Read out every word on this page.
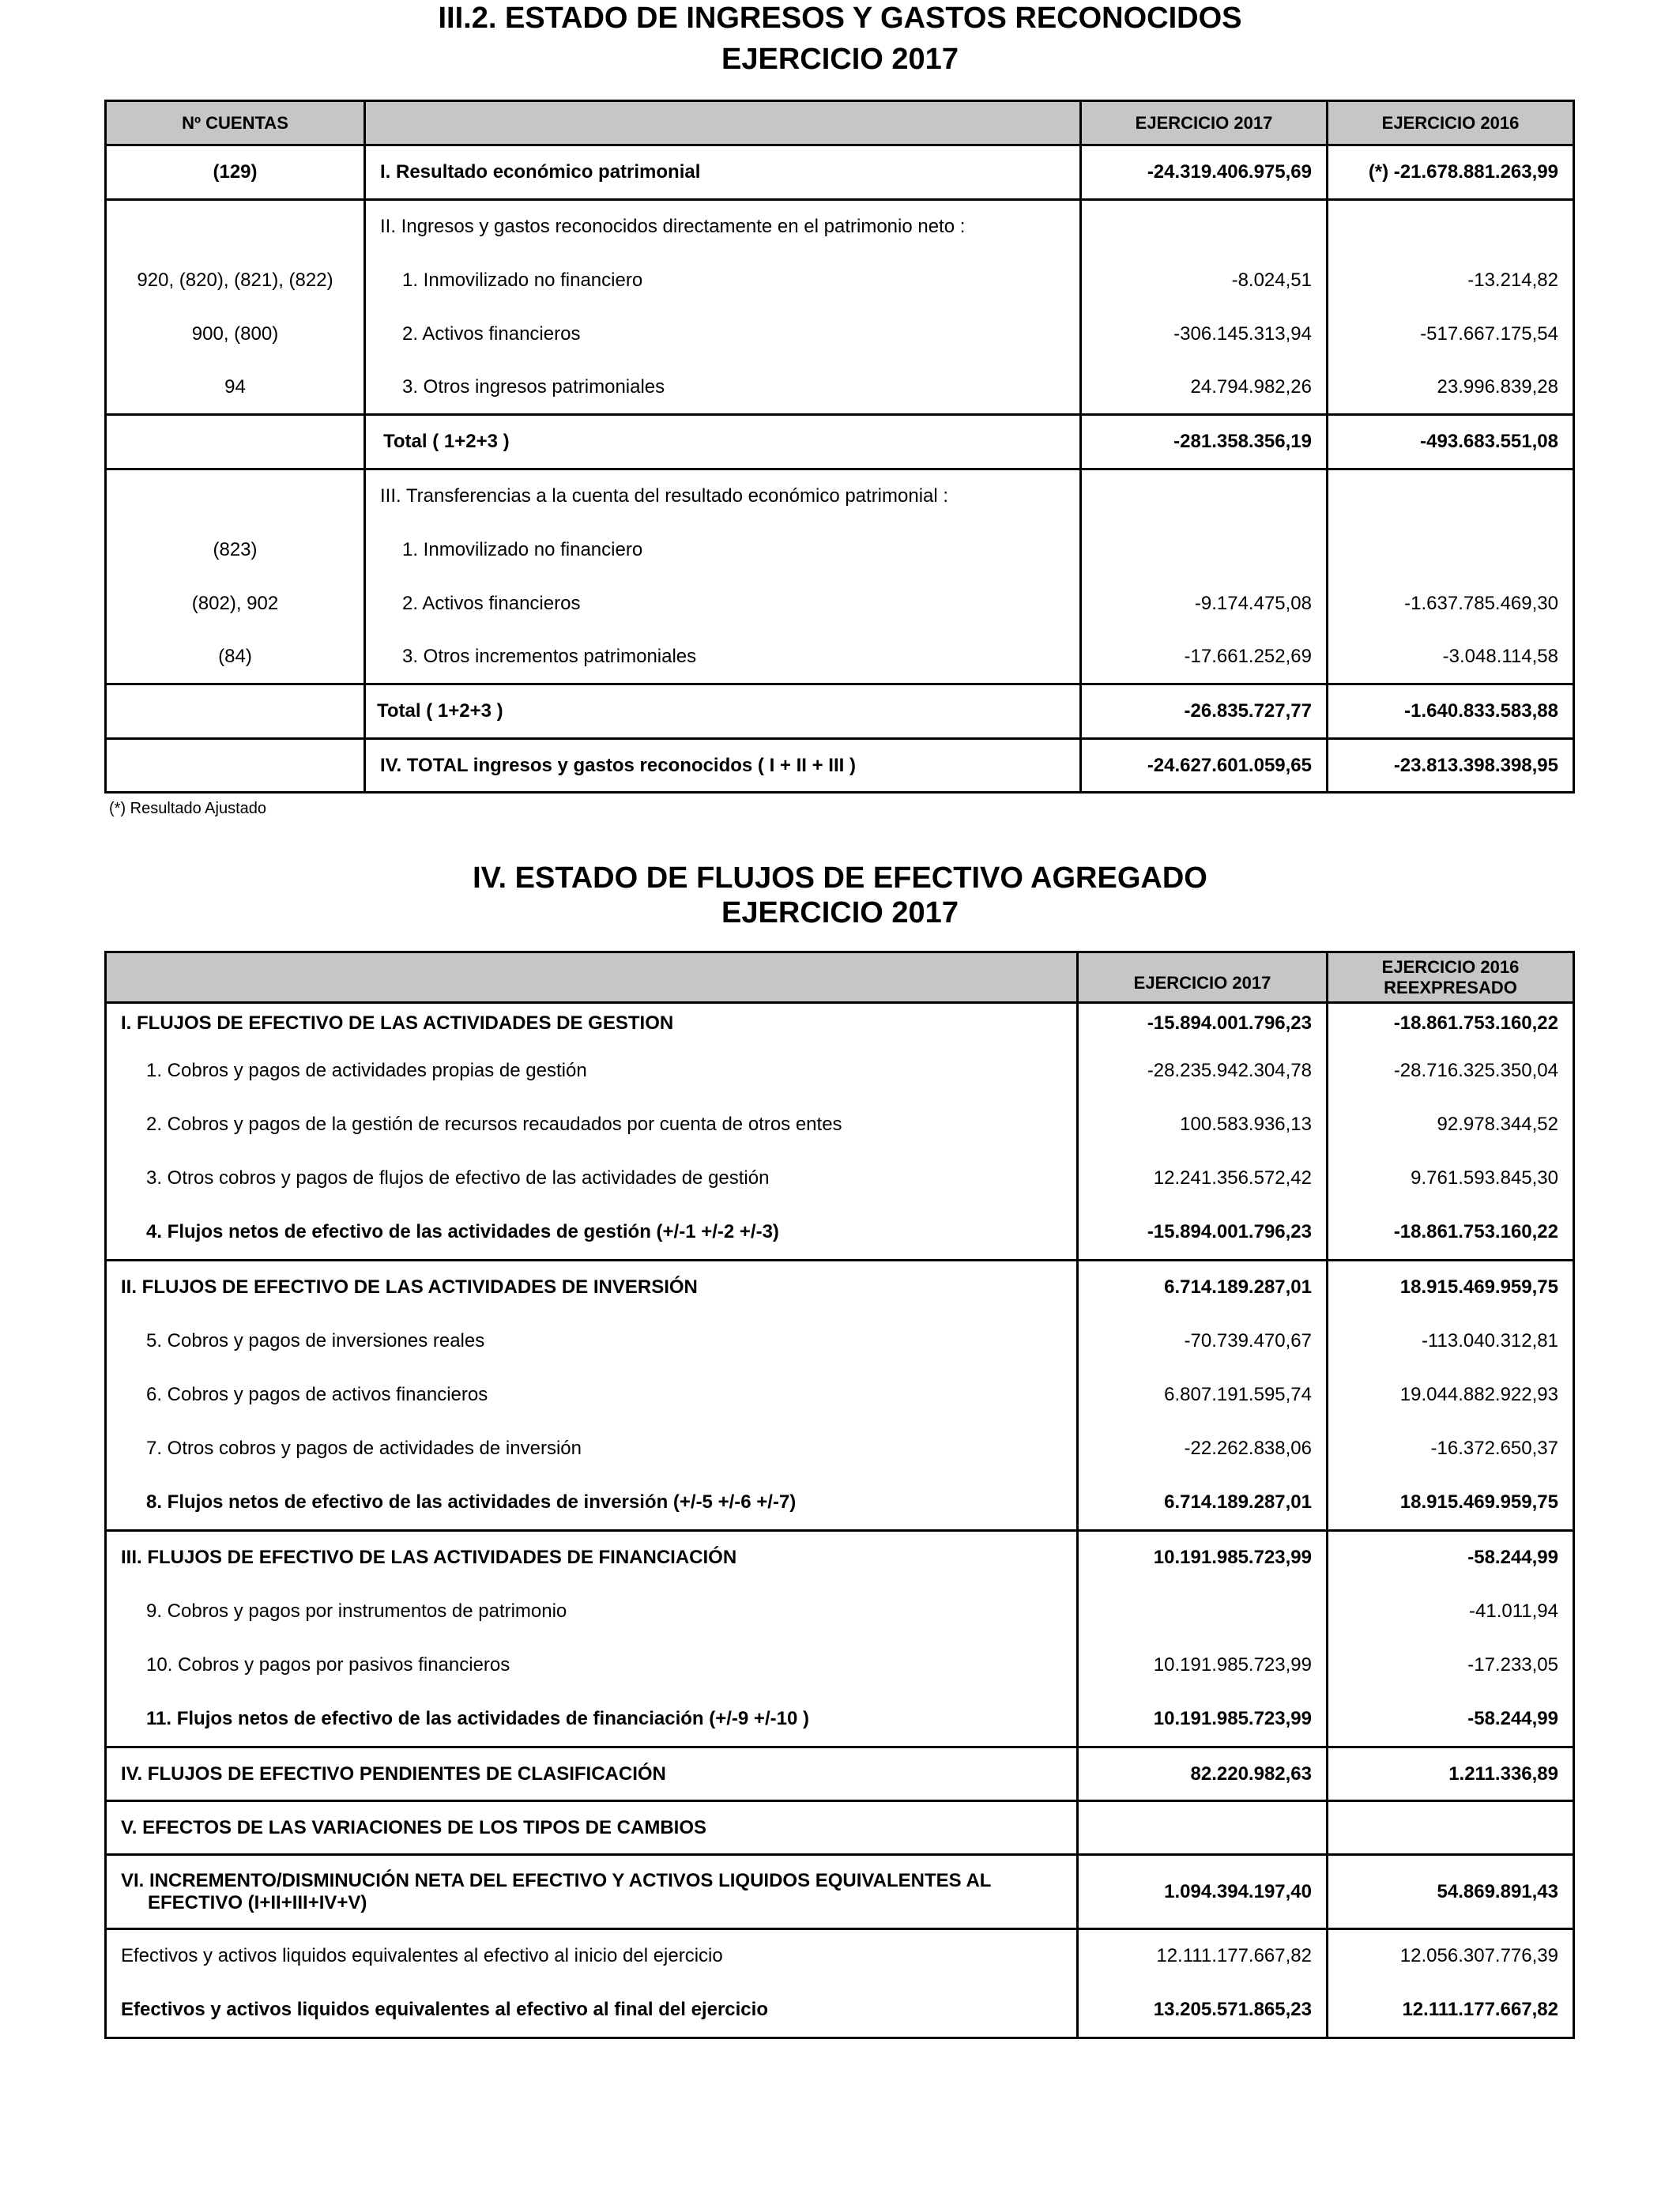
III.2. ESTADO DE INGRESOS Y GASTOS RECONOCIDOS
EJERCICIO 2017
Nº CUENTAS		EJERCICIO 2017	EJERCICIO 2016
(129)	I. Resultado económico patrimonial	-24.319.406.975,69	(*) -21.678.881.263,99
	II. Ingresos y gastos reconocidos directamente en el patrimonio neto :		
920, (820), (821), (822)	1. Inmovilizado no financiero	-8.024,51	-13.214,82
900, (800)	2. Activos financieros	-306.145.313,94	-517.667.175,54
94	3. Otros ingresos patrimoniales	24.794.982,26	23.996.839,28
	Total ( 1+2+3 )	-281.358.356,19	-493.683.551,08
	III. Transferencias a la cuenta del resultado económico patrimonial :		
(823)	1. Inmovilizado no financiero		
(802), 902	2. Activos financieros	-9.174.475,08	-1.637.785.469,30
(84)	3. Otros incrementos patrimoniales	-17.661.252,69	-3.048.114,58
	Total ( 1+2+3 )	-26.835.727,77	-1.640.833.583,88
	IV. TOTAL ingresos y gastos reconocidos ( I + II + III )	-24.627.601.059,65	-23.813.398.398,95
(*) Resultado Ajustado
IV. ESTADO DE FLUJOS DE EFECTIVO AGREGADO
EJERCICIO 2017
	EJERCICIO 2017	EJERCICIO 2016
REEXPRESADO

I. FLUJOS DE EFECTIVO DE LAS ACTIVIDADES DE GESTION	-15.894.001.796,23	-18.861.753.160,22
1. Cobros y pagos de actividades propias de gestión	-28.235.942.304,78	-28.716.325.350,04
2. Cobros y pagos de la gestión de recursos recaudados por cuenta de otros entes	100.583.936,13	92.978.344,52
3. Otros cobros y pagos de flujos de efectivo de las actividades de gestión	12.241.356.572,42	9.761.593.845,30
4. Flujos netos de efectivo de las actividades de gestión (+/-1 +/-2 +/-3)	-15.894.001.796,23	-18.861.753.160,22
II. FLUJOS DE EFECTIVO DE LAS ACTIVIDADES DE INVERSIÓN	6.714.189.287,01	18.915.469.959,75
5. Cobros y pagos de inversiones reales	-70.739.470,67	-113.040.312,81
6. Cobros y pagos de activos financieros	6.807.191.595,74	19.044.882.922,93
7. Otros cobros y pagos de actividades de inversión	-22.262.838,06	-16.372.650,37
8. Flujos netos de efectivo de las actividades de inversión (+/-5 +/-6 +/-7)	6.714.189.287,01	18.915.469.959,75
III. FLUJOS DE EFECTIVO DE LAS ACTIVIDADES DE FINANCIACIÓN	10.191.985.723,99	-58.244,99
9. Cobros y pagos por instrumentos de patrimonio		-41.011,94
10. Cobros y pagos por pasivos financieros	10.191.985.723,99	-17.233,05
11. Flujos netos de efectivo de las actividades de financiación (+/-9 +/-10 )	10.191.985.723,99	-58.244,99
IV. FLUJOS DE EFECTIVO PENDIENTES DE CLASIFICACIÓN	82.220.982,63	1.211.336,89
V. EFECTOS DE LAS VARIACIONES DE LOS TIPOS DE CAMBIOS		

VI. INCREMENTO/DISMINUCIÓN NETA DEL EFECTIVO Y ACTIVOS LIQUIDOS EQUIVALENTES AL EFECTIVO (I+II+III+IV+V)	1.094.394.197,40	54.869.891,43
Efectivos y activos liquidos equivalentes al efectivo al inicio del ejercicio	12.111.177.667,82	12.056.307.776,39
Efectivos y activos liquidos equivalentes al efectivo al final del ejercicio	13.205.571.865,23	12.111.177.667,82
